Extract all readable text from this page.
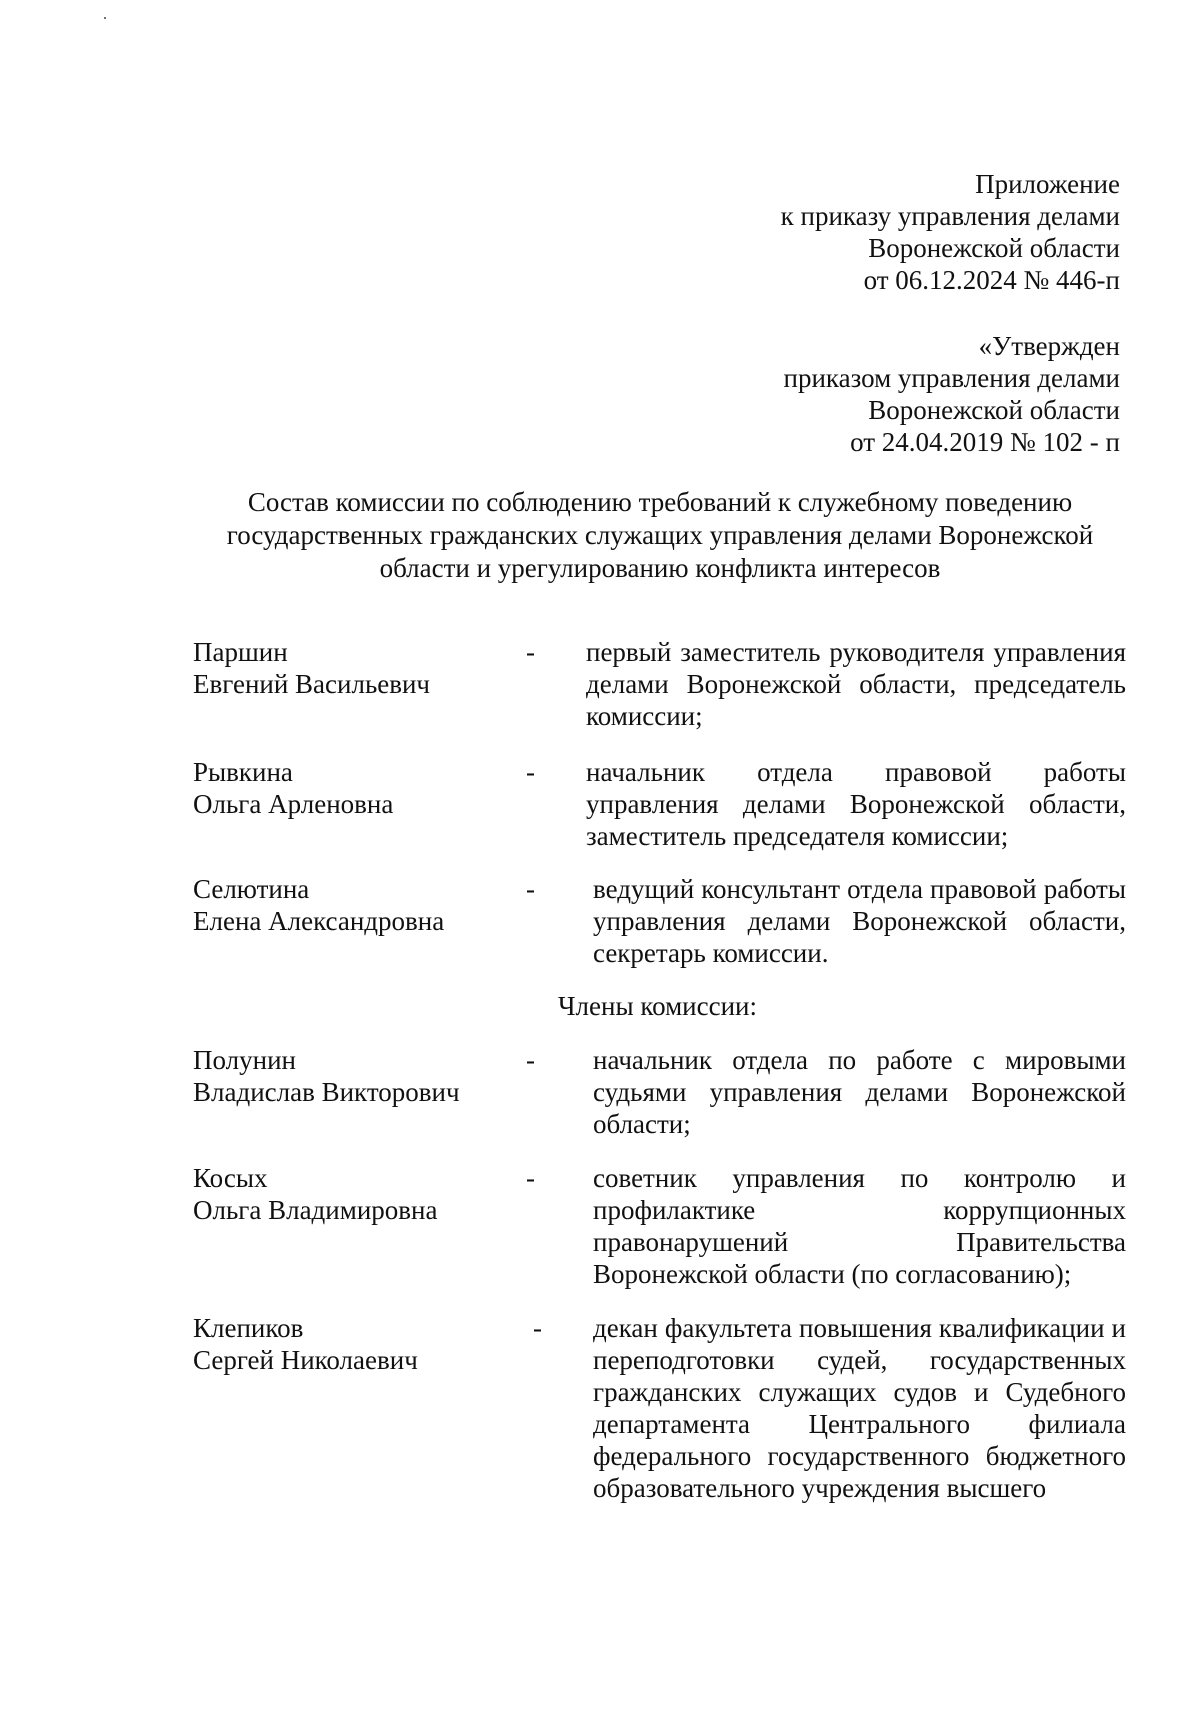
Приложение
к приказу управления делами
Воронежской области
от 06.12.2024 № 446-п
«Утвержден
приказом управления делами
Воронежской области
от 24.04.2019 № 102 - п
Состав комиссии по соблюдению требований к служебному поведению
государственных гражданских служащих управления делами Воронежской
области и урегулированию конфликта интересов
Паршин
Евгений Васильевич
-	первый заместитель руководителя управления делами Воронежской области, председатель комиссии;
Рывкина
Ольга Арленовна
-	начальник отдела правовой работы управления делами Воронежской области, заместитель председателя комиссии;
Селютина
Елена Александровна
-	ведущий консультант отдела правовой работы управления делами Воронежской области, секретарь комиссии.
Члены комиссии:
Полунин
Владислав Викторович
-	начальник отдела по работе с мировыми судьями управления делами Воронежской области;
Косых
Ольга Владимировна
-	советник управления по контролю и профилактике коррупционных правонарушений Правительства Воронежской области (по согласованию);
Клепиков
Сергей Николаевич
-	декан факультета повышения квалификации и переподготовки судей, государственных гражданских служащих судов и Судебного департамента Центрального филиала федерального государственного бюджетного образовательного учреждения высшего
